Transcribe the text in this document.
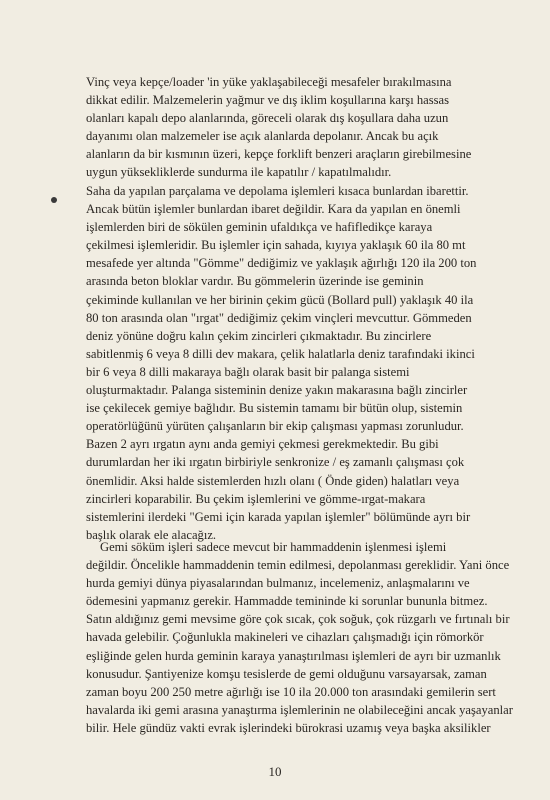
Vinç veya kepçe/loader 'in yüke yaklaşabileceği mesafeler bırakılmasına
dikkat edilir. Malzemelerin yağmur ve dış iklim koşullarına karşı hassas
olanları kapalı depo alanlarında, göreceli olarak dış koşullara daha uzun
dayanımı olan malzemeler ise açık alanlarda depolanır. Ancak bu açık
alanların da bir kısmının üzeri, kepçe forklift benzeri araçların girebilmesine
uygun yüksekliklerde sundurma ile kapatılır / kapatılmalıdır.
Saha da yapılan parçalama ve depolama işlemleri kısaca bunlardan ibarettir.
Ancak bütün işlemler bunlardan ibaret değildir. Kara da yapılan en önemli
işlemlerden biri de sökülen geminin ufaldıkça ve hafifledikçe karaya
çekilmesi işlemleridir. Bu işlemler için sahada, kıyıya yaklaşık 60 ila 80 mt
mesafede yer altında "Gömme" dediğimiz ve yaklaşık ağırlığı 120 ila 200 ton
arasında beton bloklar vardır. Bu gömmelerin üzerinde ise geminin
çekiminde kullanılan ve her birinin çekim gücü (Bollard pull) yaklaşık 40 ila
80 ton arasında olan "ırgat" dediğimiz çekim vinçleri mevcuttur. Gömmeden
deniz yönüne doğru kalın çekim zincirleri çıkmaktadır. Bu zincirlere
sabitlenmiş 6 veya 8 dilli dev makara, çelik halatlarla deniz tarafındaki ikinci
bir 6 veya 8 dilli makaraya bağlı olarak basit bir palanga sistemi
oluşturmaktadır. Palanga sisteminin denize yakın makarasına bağlı zincirler
ise çekilecek gemiye bağlıdır. Bu sistemin tamamı bir bütün olup, sistemin
operatörlüğünü yürüten çalışanların bir ekip çalışması yapması zorunludur.
Bazen 2 ayrı ırgatın aynı anda gemiyi çekmesi gerekmektedir. Bu gibi
durumlardan her iki ırgatın birbiriyle senkronize / eş zamanlı çalışması çok
önemlidir. Aksi halde sistemlerden hızlı olanı ( Önde giden) halatları veya
zincirleri koparabilir. Bu çekim işlemlerini ve gömme-ırgat-makara
sistemlerini ilerdeki "Gemi için karada yapılan işlemler" bölümünde ayrı bir
başlık olarak ele alacağız.
Gemi söküm işleri sadece mevcut bir hammaddenin işlenmesi işlemi
değildir. Öncelikle hammaddenin temin edilmesi, depolanması gereklidir. Yani önce
hurda gemiyi dünya piyasalarından bulmanız, incelemeniz, anlaşmalarını ve
ödemesini yapmanız gerekir. Hammadde temininde ki sorunlar bununla bitmez.
Satın aldığınız gemi mevsime göre çok sıcak, çok soğuk, çok rüzgarlı ve fırtınalı bir
havada gelebilir. Çoğunlukla makineleri ve cihazları çalışmadığı için römorkör
eşliğinde gelen hurda geminin karaya yanaştırılması işlemleri de ayrı bir uzmanlık
konusudur. Şantiyenize komşu tesislerde de gemi olduğunu varsayarsak, zaman
zaman boyu 200 250 metre ağırlığı ise 10 ila 20.000 ton arasındaki gemilerin sert
havalarda iki gemi arasına yanaştırma işlemlerinin ne olabileceğini ancak yaşayanlar
bilir. Hele gündüz vakti evrak işlerindeki bürokrasi uzamış veya başka aksilikler
10
